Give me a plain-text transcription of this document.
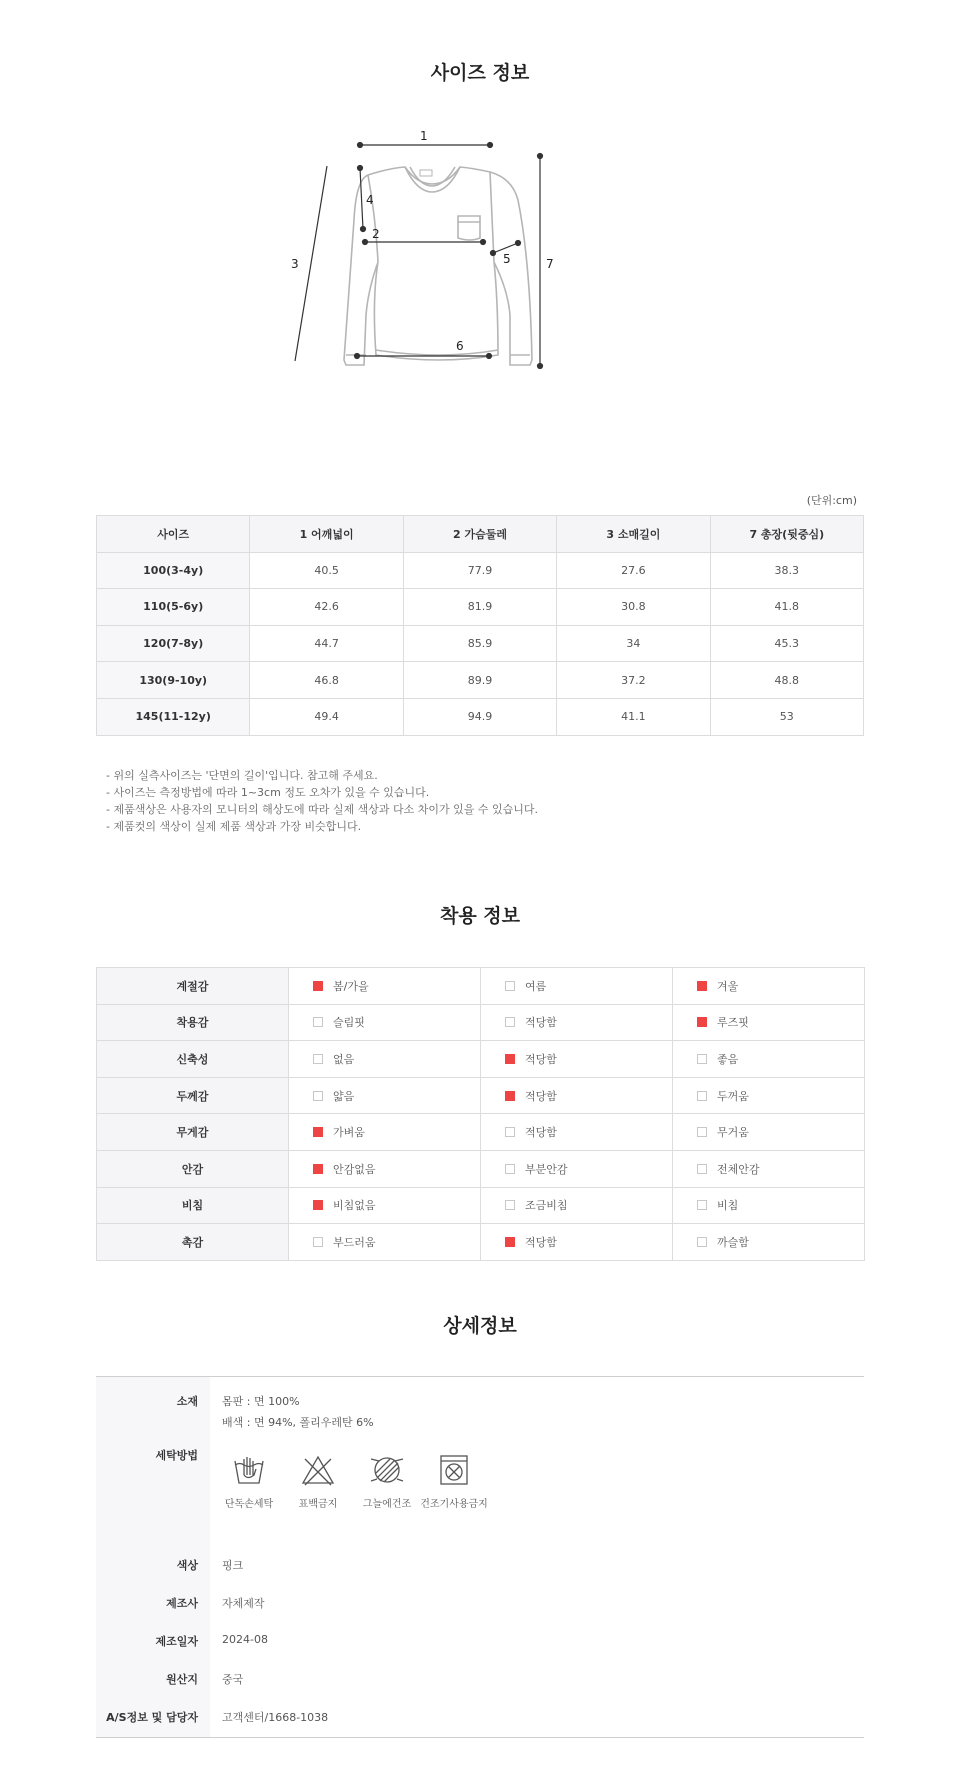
사이즈 정보
1
2
3
4
5
6
7
(단위:cm)
사이즈	1 어깨넓이	2 가슴둘레	3 소매길이	7 총장(뒷중심)
100(3-4y)	40.5	77.9	27.6	38.3
110(5-6y)	42.6	81.9	30.8	41.8
120(7-8y)	44.7	85.9	34	45.3
130(9-10y)	46.8	89.9	37.2	48.8
145(11-12y)	49.4	94.9	41.1	53
- 위의 실측사이즈는 '단면의 길이'입니다. 참고해 주세요.
- 사이즈는 측정방법에 따라 1~3cm 정도 오차가 있을 수 있습니다.
- 제품색상은 사용자의 모니터의 해상도에 따라 실제 색상과 다소 차이가 있을 수 있습니다.
- 제품컷의 색상이 실제 제품 색상과 가장 비슷합니다.
착용 정보
계절감	봄/가을	여름	겨울
착용감	슬림핏	적당함	루즈핏
신축성	없음	적당함	좋음
두께감	얇음	적당함	두꺼움
무게감	가벼움	적당함	무거움
안감	안감없음	부분안감	전체안감
비침	비침없음	조금비침	비침
촉감	부드러움	적당함	까슬함
상세정보
소재 몸판 : 면 100%
배색 : 면 94%, 폴리우레탄 6%
세탁방법
단독손세탁	표백금지	그늘에건조 건조기사용금지
색상 핑크
제조사 자체제작
제조일자 2024-08
원산지 중국
A/S정보 및 담당자 고객센터/1668-1038
